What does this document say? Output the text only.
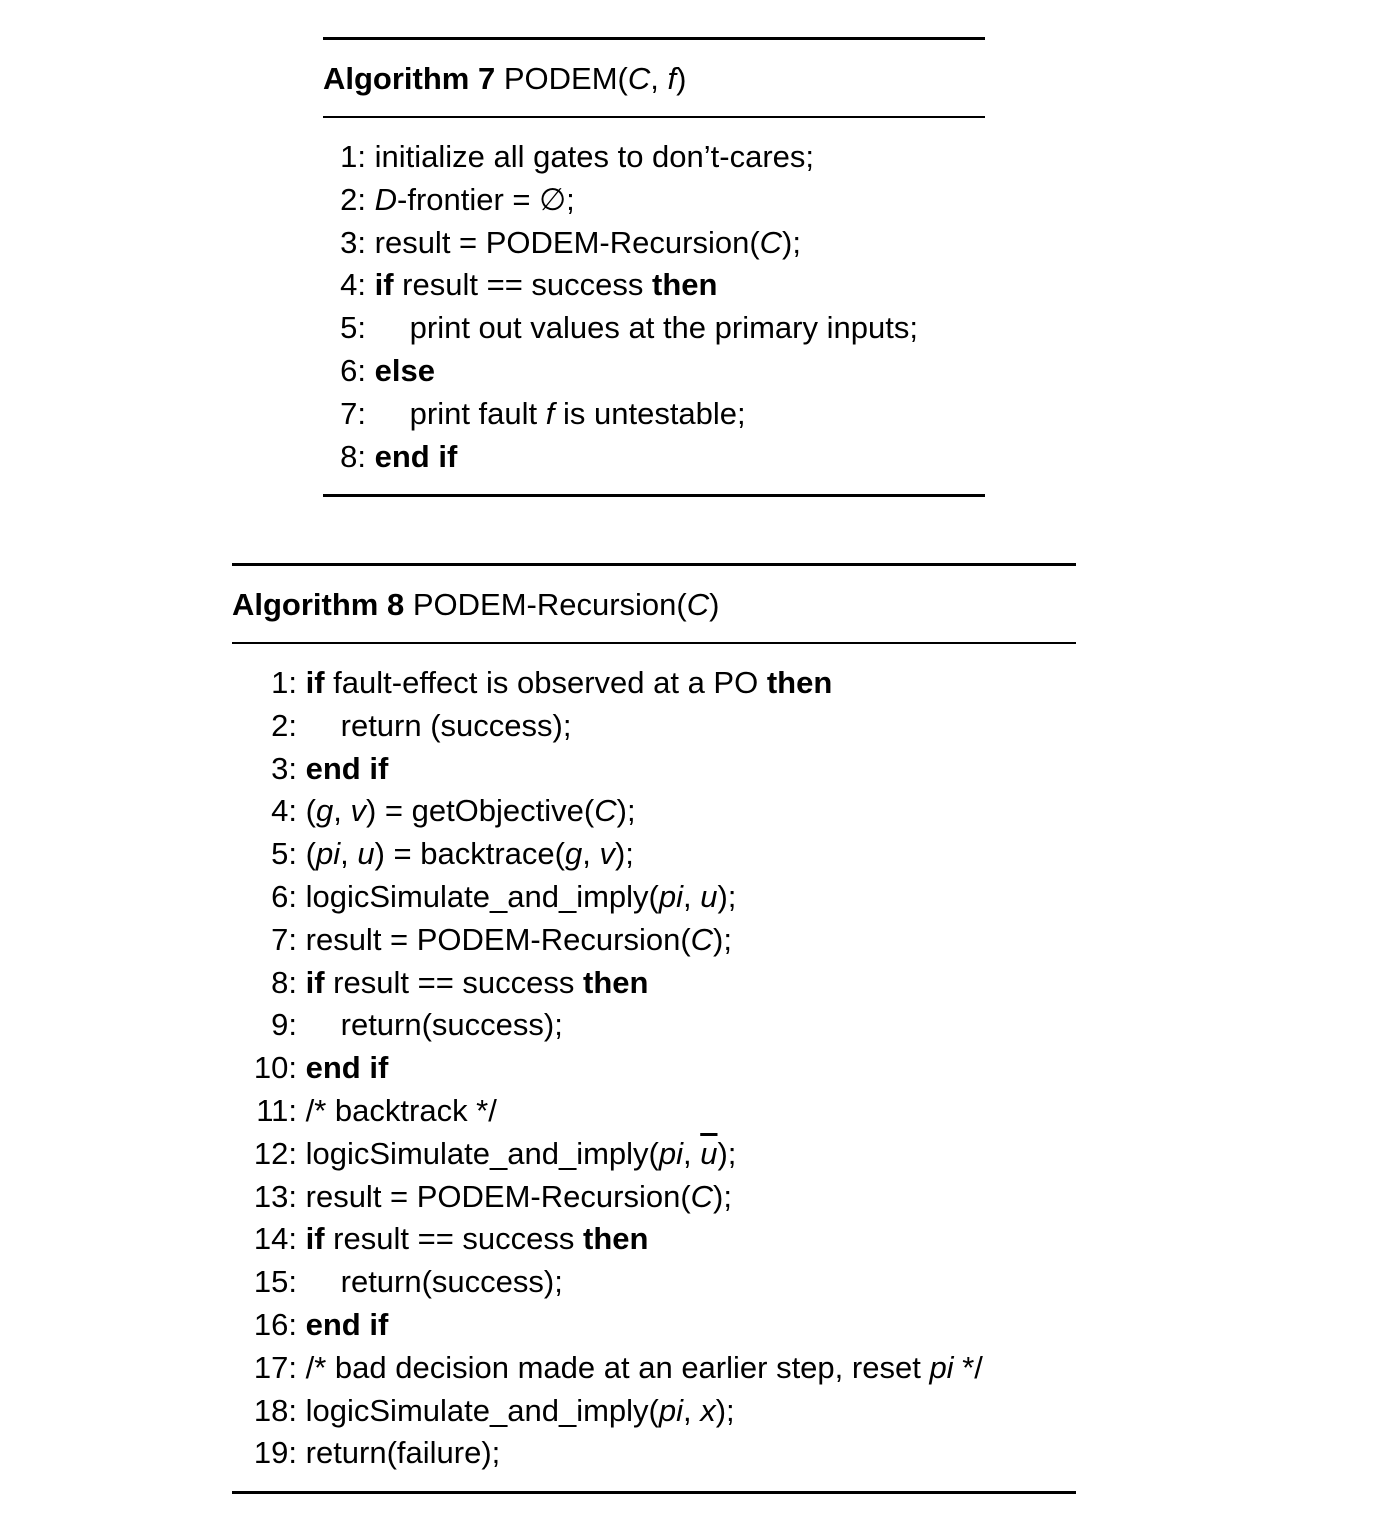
Algorithm 7 PODEM(C, f)
1: initialize all gates to don’t-cares;
2: D-frontier = ∅;
3: result = PODEM-Recursion(C);
4: if result == success then
5: print out values at the primary inputs;
6: else
7: print fault f is untestable;
8: end if
Algorithm 8 PODEM-Recursion(C)
1: if fault-effect is observed at a PO then
2: return (success);
3: end if
4: (g, v) = getObjective(C);
5: (pi, u) = backtrace(g, v);
6: logicSimulate_and_imply(pi, u);
7: result = PODEM-Recursion(C);
8: if result == success then
9: return(success);
10: end if
11: /* backtrack */
12: logicSimulate_and_imply(pi, $\overline{u}$);
13: result = PODEM-Recursion(C);
14: if result == success then
15: return(success);
16: end if
17: /* bad decision made at an earlier step, reset pi */
18: logicSimulate_and_imply(pi, x);
19: return(failure);
